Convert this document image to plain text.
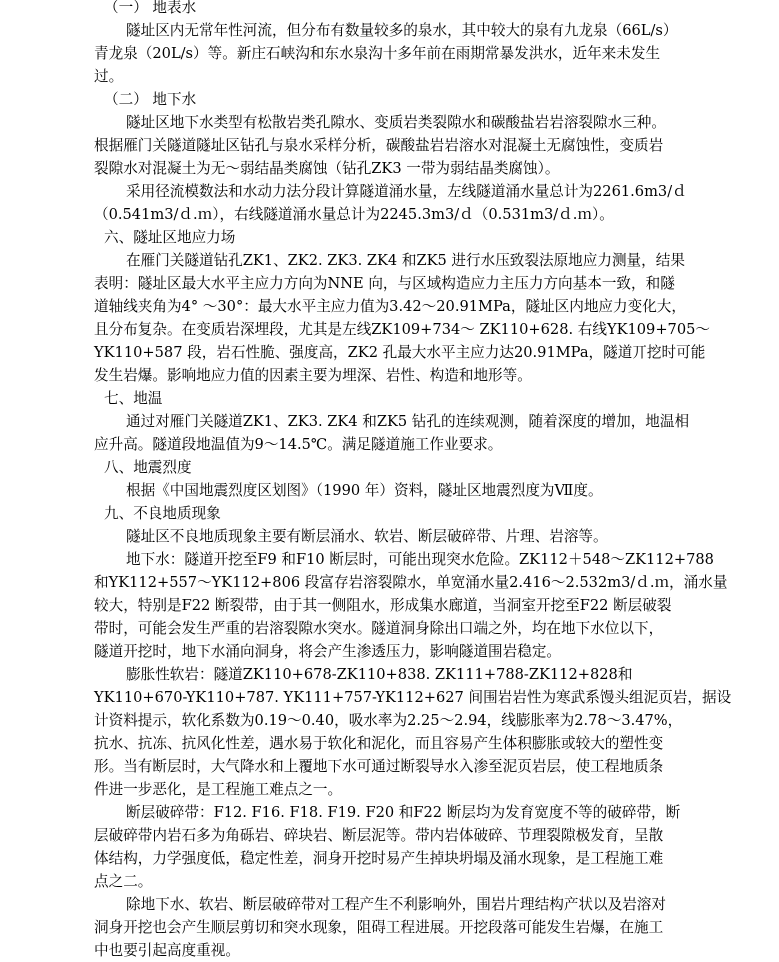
（一） 地表水

隧址区内无常年性河流，但分布有数量较多的泉水，其中较大的泉有九龙泉（66L/s）

青龙泉（20L/s）等。新庄石峡沟和东水泉沟十多年前在雨期常暴发洪水，近年来未发生

过。

（二） 地下水

隧址区地下水类型有松散岩类孔隙水、变质岩类裂隙水和碳酸盐岩岩溶裂隙水三种。

根据雁门关隧道隧址区钻孔与泉水采样分析，碳酸盐岩岩溶水对混凝土无腐蚀性，变质岩

裂隙水对混凝土为无～弱结晶类腐蚀（钻孔ZK3 一带为弱结晶类腐蚀）。

采用径流模数法和水动力法分段计算隧道涌水量，左线隧道涌水量总计为2261.6m3/ｄ

（0.541m3/ｄ.ｍ），右线隧道涌水量总计为2245.3m3/ｄ（0.531m3/ｄ.ｍ）。

六、隧址区地应力场

在雁门关隧道钻孔ZK1、ZK2. ZK3. ZK4 和ZK5 进行水压致裂法原地应力测量，结果

表明：隧址区最大水平主应力方向为NNE 向，与区域构造应力主压力方向基本一致，和隧

道轴线夹角为4° ～30°：最大水平主应力值为3.42～20.91MPa，隧址区内地应力变化大，

且分布复杂。在变质岩深埋段，尤其是左线ZK109+734～ ZK110+628. 右线YK109+705～

YK110+587 段，岩石性脆、强度高，ZK2 孔最大水平主应力达20.91MPa，隧道丌挖时可能

发生岩爆。影响地应力值的因素主要为埋深、岩性、构造和地形等。

七、地温

通过对雁门关隧道ZK1、ZK3. ZK4 和ZK5 钻孔的连续观测，随着深度的增加，地温相

应升高。隧道段地温值为9～14.5℃。满足隧道施工作业要求。

八、地震烈度

根据《中国地震烈度区划图》（1990 年）资料，隧址区地震烈度为Ⅶ度。

九、不良地质现象

隧址区不良地质现象主要有断层涌水、软岩、断层破碎带、片理、岩溶等。

地下水：隧道开挖至F9 和F10 断层时，可能出现突水危险。ZK112＋548～ZK112+788

和YK112+557～YK112+806 段富存岩溶裂隙水，单宽涌水量2.416～2.532m3/ｄ.ｍ，涌水量

较大，特别是F22 断裂带，由于其一侧阻水，形成集水廊道，当洞室开挖至F22 断层破裂

带时，可能会发生严重的岩溶裂隙水突水。隧道洞身除出口端之外，均在地下水位以下，

隧道开挖时，地下水涌向洞身，将会产生渗透压力，影响隧道围岩稳定。

膨胀性软岩：隧道ZK110+678-ZK110+838. ZK111+788-ZK112+828和

YK110+670-YK110+787. YK111+757-YK112+627 间围岩岩性为寒武系馒头组泥页岩，据设

计资料提示，软化系数为0.19～0.40，吸水率为2.25～2.94，线膨胀率为2.78～3.47%，

抗水、抗冻、抗风化性差，遇水易于软化和泥化，而且容易产生体积膨胀或较大的塑性变

形。当有断层时，大气降水和上覆地下水可通过断裂导水入渗至泥页岩层，使工程地质条

件进一步恶化，是工程施工难点之一。

断层破碎带：F12. F16. F18. F19. F20 和F22 断层均为发育宽度不等的破碎带，断

层破碎带内岩石多为角砾岩、碎块岩、断层泥等。带内岩体破碎、节理裂隙极发育，呈散

体结构，力学强度低，稳定性差，洞身开挖时易产生掉块坍塌及涌水现象，是工程施工难

点之二。

除地下水、软岩、断层破碎带对工程产生不利影响外，围岩片理结构产状以及岩溶对

洞身开挖也会产生顺层剪切和突水现象，阻碍工程进展。开挖段落可能发生岩爆，在施工

中也要引起高度重视。
